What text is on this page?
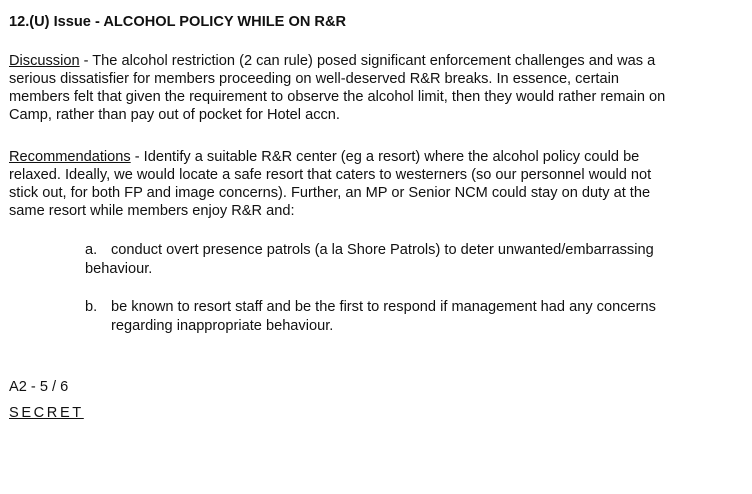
12.(U) Issue - ALCOHOL POLICY WHILE ON R&R
Discussion - The alcohol restriction (2 can rule) posed significant enforcement challenges and was a
serious dissatisfier for members proceeding on well-deserved R&R breaks. In essence, certain
members felt that given the requirement to observe the alcohol limit, then they would rather remain on
Camp, rather than pay out of pocket for Hotel accn.
Recommendations - Identify a suitable R&R center (eg a resort) where the alcohol policy could be
relaxed. Ideally, we would locate a safe resort that caters to westerners (so our personnel would not
stick out, for both FP and image concerns). Further, an MP or Senior NCM could stay on duty at the
same resort while members enjoy R&R and:
a. conduct overt presence patrols (a la Shore Patrols) to deter unwanted/embarrassing
behaviour.
b. be known to resort staff and be the first to respond if management had any concerns
regarding inappropriate behaviour.
A2 - 5 / 6
SECRET
